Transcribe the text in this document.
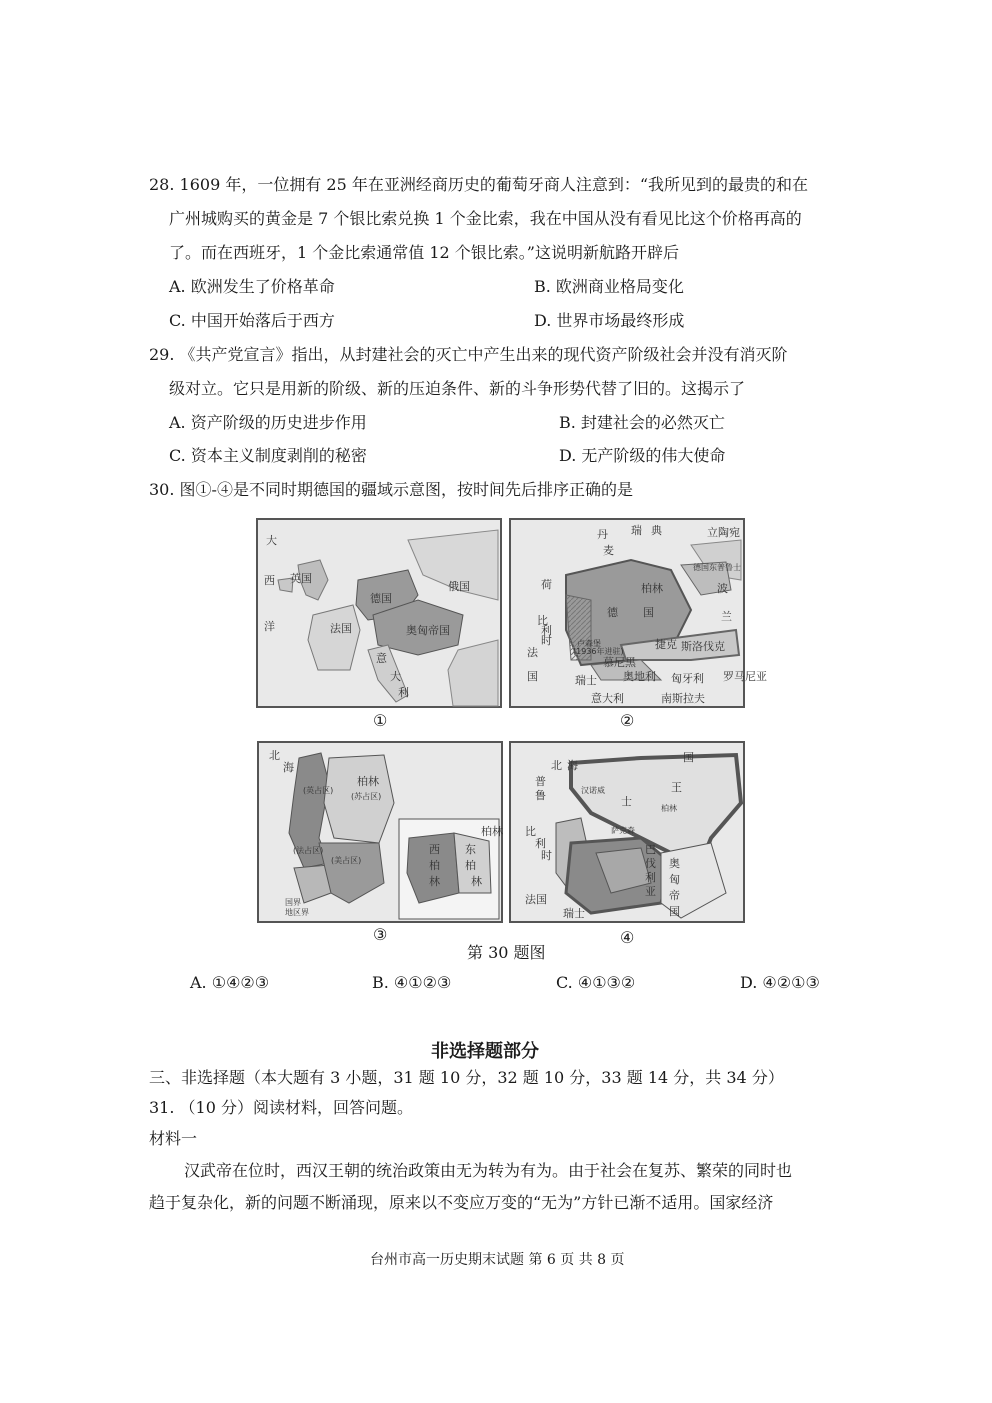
28. 1609 年，一位拥有 25 年在亚洲经商历史的葡萄牙商人注意到：“我所见到的最贵的和在
广州城购买的黄金是 7 个银比索兑换 1 个金比索，我在中国从没有看见比这个价格再高的
了。而在西班牙，1 个金比索通常值 12 个银比索。”这说明新航路开辟后
A. 欧洲发生了价格革命	B. 欧洲商业格局变化
C. 中国开始落后于西方	D. 世界市场最终形成
29. 《共产党宣言》指出，从封建社会的灭亡中产生出来的现代资产阶级社会并没有消灭阶
级对立。它只是用新的阶级、新的压迫条件、新的斗争形势代替了旧的。这揭示了
A. 资产阶级的历史进步作用	B. 封建社会的必然灭亡
C. 资本主义制度剥削的秘密	D. 无产阶级的伟大使命
30. 图①-④是不同时期德国的疆域示意图，按时间先后排序正确的是
大
英国
俄国
德国
奥匈帝国
法国
意
大
利
洋
西
瑞 典
丹
麦
立陶宛
柏林	波
兰
德 国
荷
比
利
时
法
国
捷克 斯洛伐克
慕尼黑
奥地利 匈牙利
瑞士
意大利	南斯拉夫
罗马尼亚
卢森堡
德国东普鲁士
(1936年进驻)
①	②
北
海
柏林
(苏占区)
(英占区)
(法占区)
(美占区)
柏林
西
柏
林
东
柏
林
国界
地区界
北 海
普
鲁	士
王
国
比
利
时
法国
瑞士
奥
匈
帝
国
巴
伐
利
亚
萨克森
汉诺威
柏林
③	④
第 30 题图
A. ①④②③	B. ④①②③	C. ④①③②	D. ④②①③
非选择题部分
三、非选择题（本大题有 3 小题，31 题 10 分，32 题 10 分，33 题 14 分，共 34 分）
31. （10 分）阅读材料，回答问题。
材料一
汉武帝在位时，西汉王朝的统治政策由无为转为有为。由于社会在复苏、繁荣的同时也
趋于复杂化，新的问题不断涌现，原来以不变应万变的“无为”方针已渐不适用。国家经济
台州市高一历史期末试题 第 6 页 共 8 页
